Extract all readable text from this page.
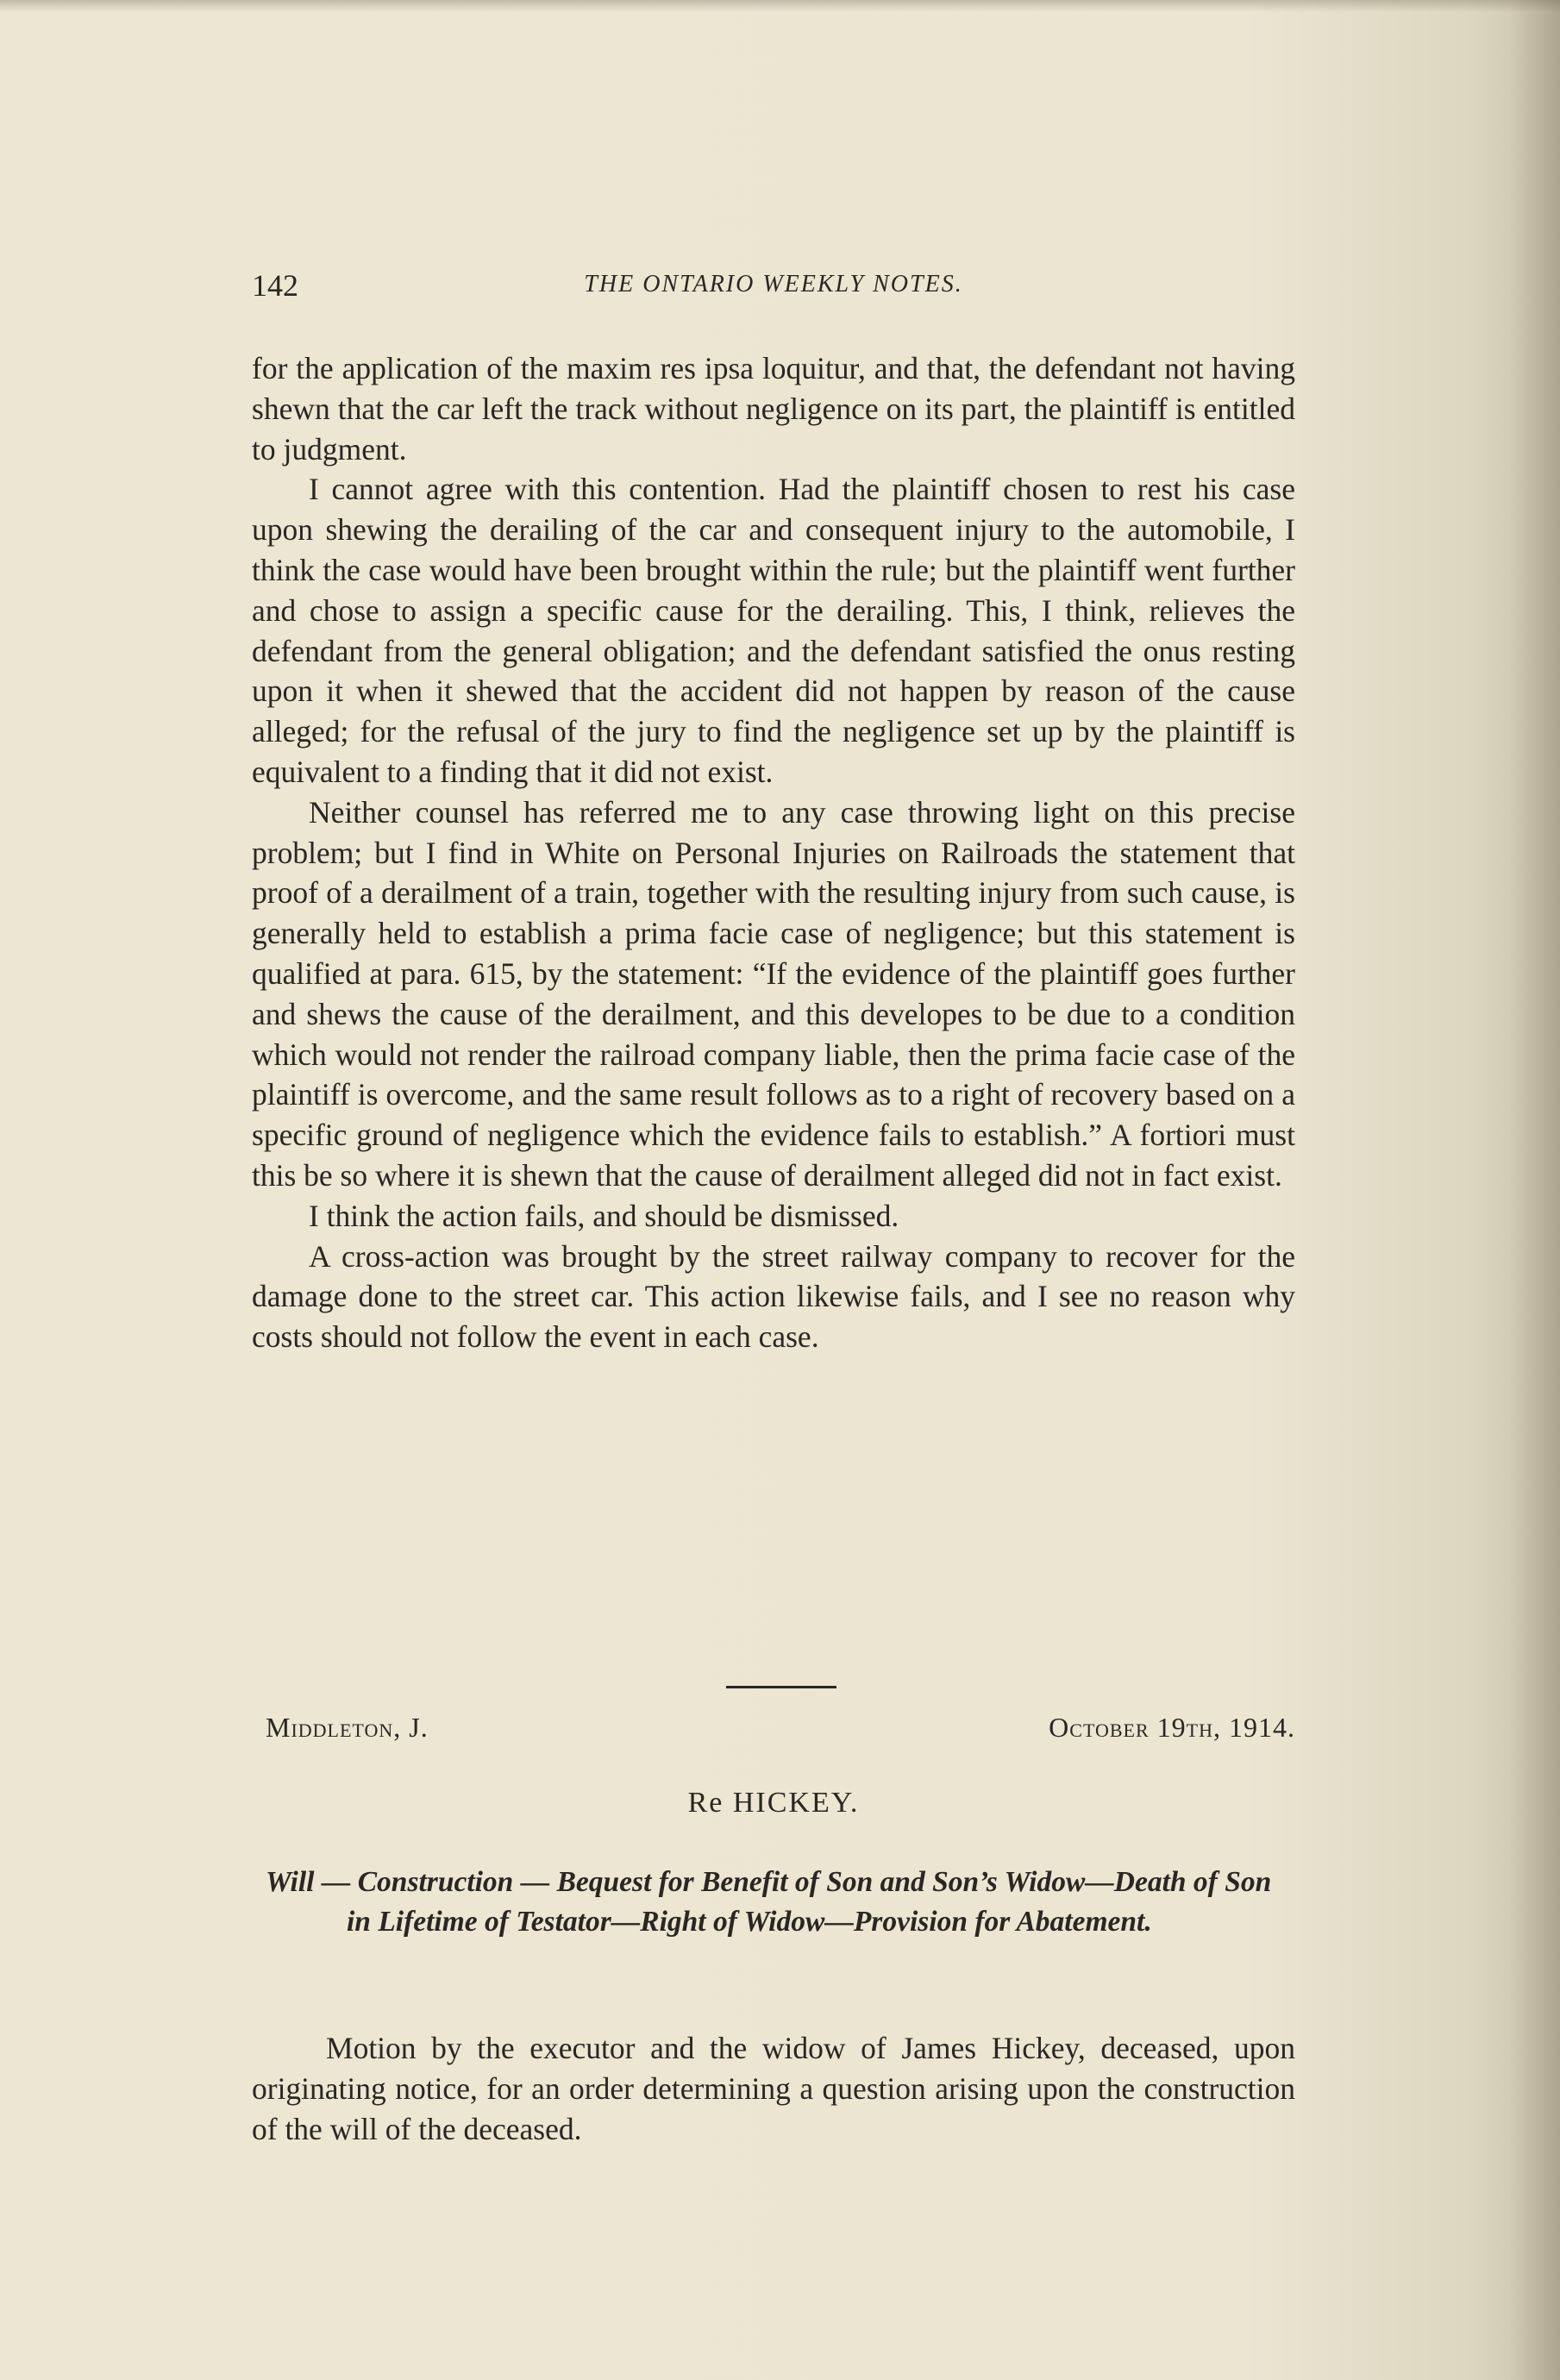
142	THE ONTARIO WEEKLY NOTES.

for the application of the maxim res ipsa loquitur, and that, the defendant not having shewn that the car left the track without negligence on its part, the plaintiff is entitled to judgment.

I cannot agree with this contention. Had the plaintiff chosen to rest his case upon shewing the derailing of the car and consequent injury to the automobile, I think the case would have been brought within the rule; but the plaintiff went further and chose to assign a specific cause for the derailing. This, I think, relieves the defendant from the general obligation; and the defendant satisfied the onus resting upon it when it shewed that the accident did not happen by reason of the cause alleged; for the refusal of the jury to find the negligence set up by the plaintiff is equivalent to a finding that it did not exist.

Neither counsel has referred me to any case throwing light on this precise problem; but I find in White on Personal Injuries on Railroads the statement that proof of a derailment of a train, together with the resulting injury from such cause, is generally held to establish a prima facie case of negligence; but this statement is qualified at para. 615, by the statement: “If the evidence of the plaintiff goes further and shews the cause of the derailment, and this developes to be due to a condition which would not render the railroad company liable, then the prima facie case of the plaintiff is overcome, and the same result follows as to a right of recovery based on a specific ground of negligence which the evidence fails to establish.” A fortiori must this be so where it is shewn that the cause of derailment alleged did not in fact exist.

I think the action fails, and should be dismissed.

A cross-action was brought by the street railway company to recover for the damage done to the street car. This action likewise fails, and I see no reason why costs should not follow the event in each case.

Middleton, J.	October 19th, 1914.
Re HICKEY.
Will — Construction — Bequest for Benefit of Son and Son’s Widow—Death of Son in Lifetime of Testator—Right of Widow—Provision for Abatement.
Motion by the executor and the widow of James Hickey, deceased, upon originating notice, for an order determining a question arising upon the construction of the will of the deceased.
